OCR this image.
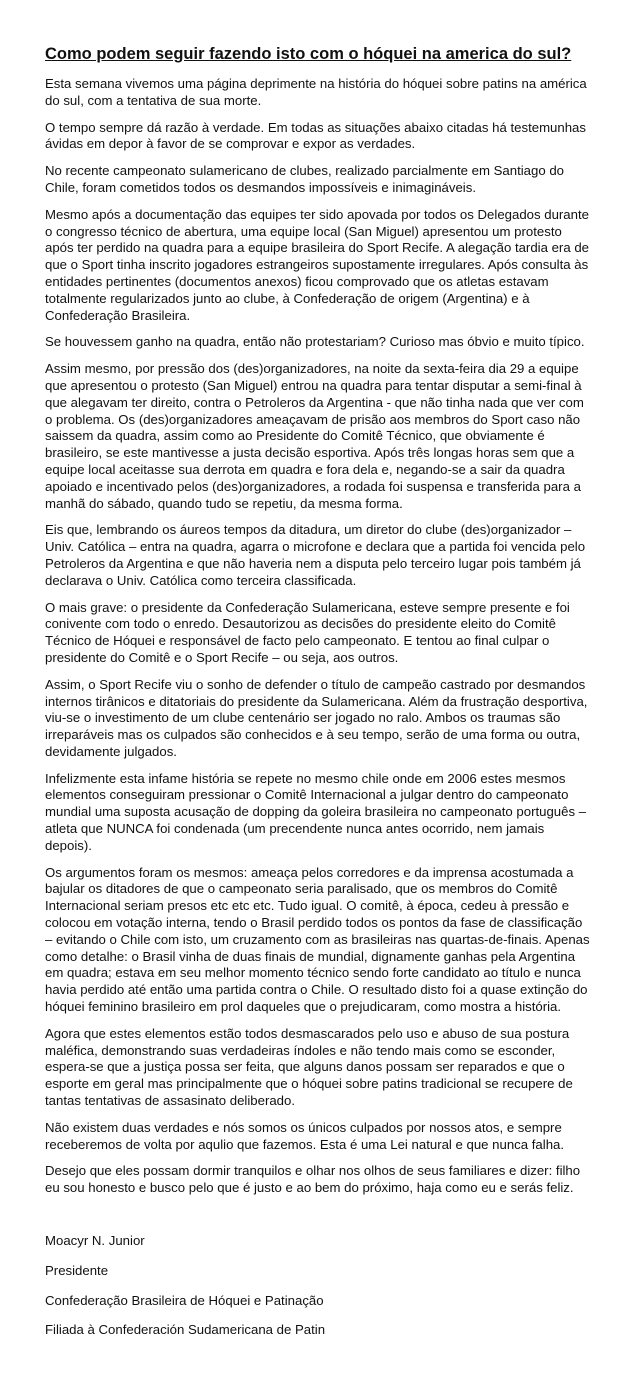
Como podem seguir fazendo isto com o hóquei na america do sul?
Esta semana vivemos uma página deprimente na história do hóquei sobre patins na américa do sul, com a tentativa de sua morte.
O tempo sempre dá razão à verdade. Em todas as situações abaixo citadas há testemunhas ávidas em depor à favor de se comprovar e expor as verdades.
No recente campeonato sulamericano de clubes, realizado parcialmente em Santiago do Chile, foram cometidos todos os desmandos impossíveis e inimagináveis.
Mesmo após a documentação das equipes ter sido apovada por todos os Delegados durante o congresso técnico de abertura, uma equipe local (San Miguel) apresentou um protesto após ter perdido na quadra para a equipe brasileira do Sport Recife. A alegação tardia era de que o Sport tinha inscrito jogadores estrangeiros supostamente irregulares. Após consulta às entidades pertinentes (documentos anexos) ficou comprovado que os atletas estavam totalmente regularizados junto ao clube, à Confederação de origem (Argentina) e à Confederação Brasileira.
Se houvessem ganho na quadra, então não protestariam? Curioso mas óbvio e muito típico.
Assim mesmo, por pressão dos (des)organizadores, na noite da sexta-feira dia 29 a equipe que apresentou o protesto (San Miguel) entrou na quadra para tentar disputar a semi-final à que alegavam ter direito, contra o Petroleros da Argentina - que não tinha nada que ver com o problema. Os (des)organizadores ameaçavam de prisão aos membros do Sport caso não saissem da quadra, assim como ao Presidente do Comitê Técnico, que obviamente é brasileiro, se este mantivesse a justa decisão esportiva. Após três longas horas sem que a equipe local aceitasse sua derrota em quadra e fora dela e, negando-se a sair da quadra apoiado e incentivado pelos (des)organizadores, a rodada foi suspensa e transferida para a manhã do sábado, quando tudo se repetiu, da mesma forma.
Eis que, lembrando os áureos tempos da ditadura, um diretor do clube (des)organizador – Univ. Católica – entra na quadra, agarra o microfone e declara que a partida foi vencida pelo Petroleros da Argentina e que não haveria nem a disputa pelo terceiro lugar pois também já declarava o Univ. Católica como terceira classificada.
O mais grave: o presidente da Confederação Sulamericana, esteve sempre presente e foi conivente com todo o enredo. Desautorizou as decisões do presidente eleito do Comitê Técnico de Hóquei e responsável de facto pelo campeonato. E tentou ao final culpar o presidente do Comitê e o Sport Recife – ou seja, aos outros.
Assim, o Sport Recife viu o sonho de defender o título de campeão castrado por desmandos internos tirânicos e ditatoriais do presidente da Sulamericana. Além da frustração desportiva, viu-se o investimento de um clube centenário ser jogado no ralo. Ambos os traumas são irreparáveis mas os culpados são conhecidos e à seu tempo, serão de uma forma ou outra, devidamente julgados.
Infelizmente esta infame história se repete no mesmo chile onde em 2006 estes mesmos elementos conseguiram pressionar o Comitê Internacional a julgar dentro do campeonato mundial uma suposta acusação de dopping da goleira brasileira no campeonato português – atleta que NUNCA foi condenada (um precendente nunca antes ocorrido, nem jamais depois).
Os argumentos foram os mesmos: ameaça pelos corredores e da imprensa acostumada a bajular os ditadores de que o campeonato seria paralisado, que os membros do Comitê Internacional seriam presos etc etc etc. Tudo igual. O comitê, à época, cedeu à pressão e colocou em votação interna, tendo o Brasil perdido todos os pontos da fase de classificação – evitando o Chile com isto, um cruzamento com as brasileiras nas quartas-de-finais. Apenas como detalhe: o Brasil vinha de duas finais de mundial, dignamente ganhas pela Argentina em quadra; estava em seu melhor momento técnico sendo forte candidato ao título e nunca havia perdido até então uma partida contra o Chile. O resultado disto foi a quase extinção do hóquei feminino brasileiro em prol daqueles que o prejudicaram, como mostra a história.
Agora que estes elementos estão todos desmascarados pelo uso e abuso de sua postura maléfica, demonstrando suas verdadeiras índoles e não tendo mais como se esconder, espera-se que a justiça possa ser feita, que alguns danos possam ser reparados e que o esporte em geral mas principalmente que o hóquei sobre patins tradicional se recupere de tantas tentativas de assasinato deliberado.
Não existem duas verdades e nós somos os únicos culpados por nossos atos, e sempre receberemos de volta por aqulio que fazemos. Esta é uma Lei natural e que nunca falha.
Desejo que eles possam dormir tranquilos e olhar nos olhos de seus familiares e dizer: filho eu sou honesto e busco pelo que é justo e ao bem do próximo, haja como eu e serás feliz.
Moacyr N. Junior
Presidente
Confederação Brasileira de Hóquei e Patinação
Filiada à Confederación Sudamericana de Patin
